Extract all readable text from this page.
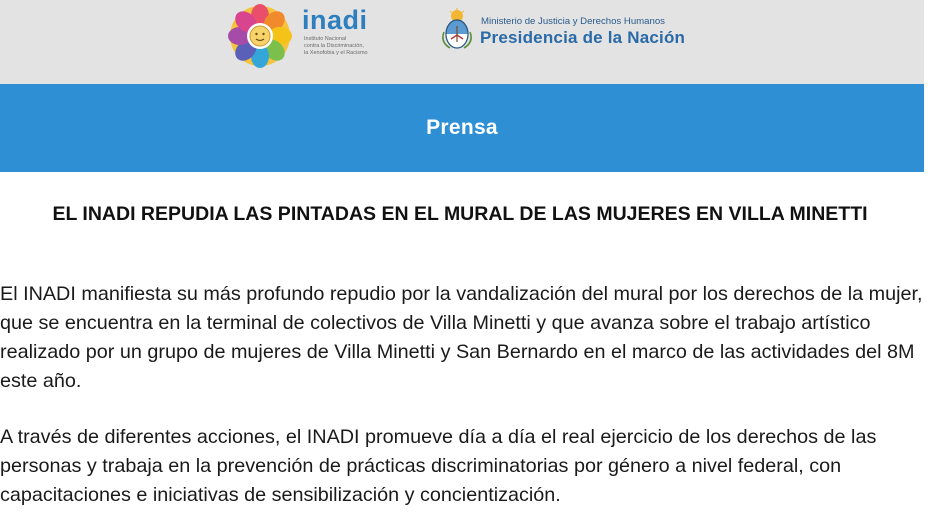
inadi
Instituto Nacional
contra la Discriminación,
la Xenofobia y el Racismo
Ministerio de Justicia y Derechos Humanos
Presidencia de la Nación
Prensa
EL INADI REPUDIA LAS PINTADAS EN EL MURAL DE LAS MUJERES EN VILLA MINETTI
El INADI manifiesta su más profundo repudio por la vandalización del mural por los derechos de la mujer, que se encuentra en la terminal de colectivos de Villa Minetti y que avanza sobre el trabajo artístico realizado por un grupo de mujeres de Villa Minetti y San Bernardo en el marco de las actividades del 8M este año.
A través de diferentes acciones, el INADI promueve día a día el real ejercicio de los derechos de las personas y trabaja en la prevención de prácticas discriminatorias por género a nivel federal, con capacitaciones e iniciativas de sensibilización y concientización.
